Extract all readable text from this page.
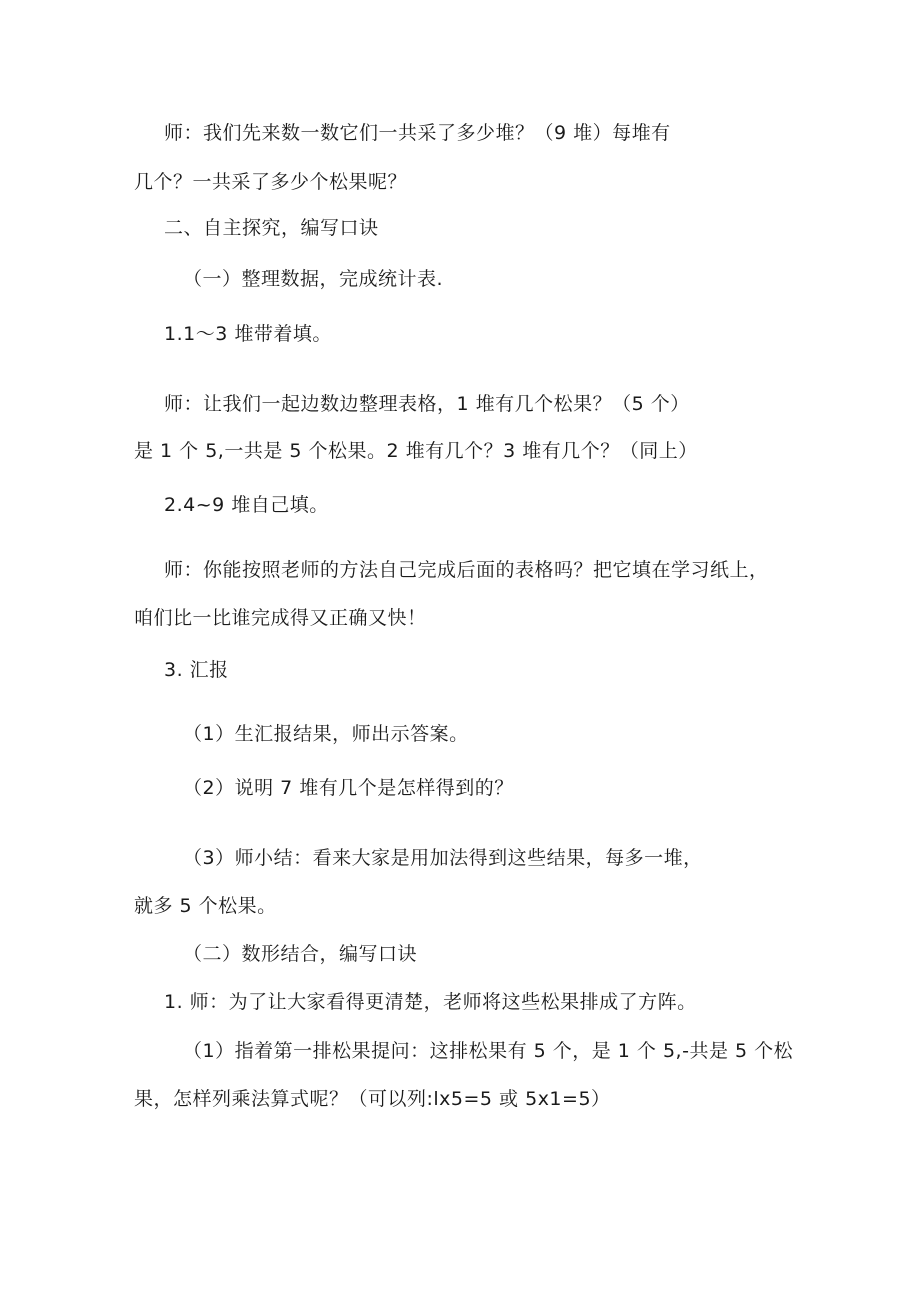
师：我们先来数一数它们一共采了多少堆？（9 堆）每堆有
几个？一共采了多少个松果呢？
二、自主探究，编写口诀
（一）整理数据，完成统计表.
1.1～3 堆带着填。
师：让我们一起边数边整理表格，1 堆有几个松果？（5 个）
是 1 个 5,一共是 5 个松果。2 堆有几个？3 堆有几个？（同上）
2.4~9 堆自己填。
师：你能按照老师的方法自己完成后面的表格吗？把它填在学习纸上，
咱们比一比谁完成得又正确又快！
3. 汇报
（1）生汇报结果，师出示答案。
（2）说明 7 堆有几个是怎样得到的？
（3）师小结：看来大家是用加法得到这些结果，每多一堆，
就多 5 个松果。
（二）数形结合，编写口诀
1. 师：为了让大家看得更清楚，老师将这些松果排成了方阵。
（1）指着第一排松果提问：这排松果有 5 个，是 1 个 5,-共是 5 个松
果，怎样列乘法算式呢？（可以列:lx5=5 或 5x1=5）
